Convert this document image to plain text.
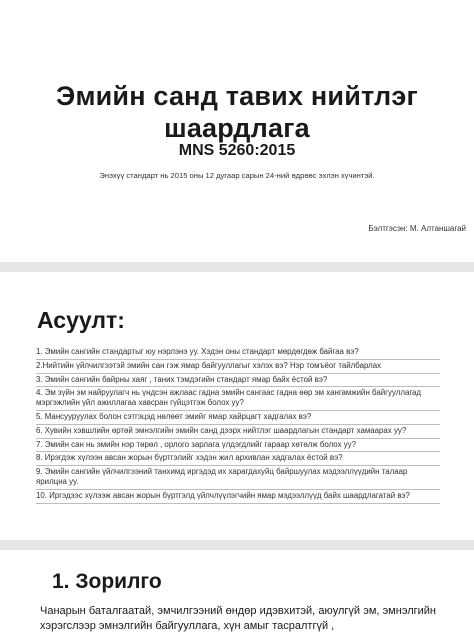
Эмийн санд тавих нийтлэг
шаардлага
MNS 5260:2015
Энэхүү стандарт нь 2015 оны 12 дугаар сарын 24-ний өдрөөс эхлэн хүчинтэй.
Бэлтгэсэн: М. Алтаншагай
Асуулт:
1. Эмийн сангийн стандартыг юу нэрлэнэ уу. Хэдэн оны стандарт мөрдөгдөж байгаа вэ?
2.Нийтийн үйлчилгээтэй эмийн сан гэж ямар байгууллагыг хэлэх вэ? Нэр томъёог тайлбарлах
3. Эмийн сангийн байрны хаяг , таних тэмдэгийн стандарт ямар байх ёстой вэ?
4. Эм зүйн эм найруулагч нь үндсэн ажлаас гадна эмийн сангаас гадна өөр эм хангамжийн байгууллагад мэргэжлийн үйл ажиллагаа хавсран гүйцэтгэж болох уу?
5. Мансууруулах болон сэтгэцэд нөлөөт эмийг ямар хайрцагт хадгалах вэ?
6. Хувийн хэвшлийн өртөй эмнэлгийн эмийн санд дээрх нийтлэг шаардлагын стандарт хамаарах уу?
7. Эмийн сан нь эмийн нэр төрөл , орлого зарлага үлдэгдлийг гараар хөтөлж болох уу?
8. Ирэгдэж хүлээн авсан жорын бүртгэлийг хэдэн жил архивлан хадгалах ёстой вэ?
9. Эмийн сангийн үйлчилгээний танхимд иргэдэд их харагдахуйц байршуулах мэдээллүүдийн талаар ярилцна уу.
10. Иргэдээс хүлээж авсан жорын бүртгэлд үйлчлүүлэгчийн ямар мэдээллүүд байх шаардлагатай вэ?
1. Зорилго
Чанарын баталгаатай, эмчилгээний өндөр идэвхитэй, аюулгүй эм, эмнэлгийн хэрэгслээр эмнэлгийн байгууллага, хүн амыг тасралтгүй ,
